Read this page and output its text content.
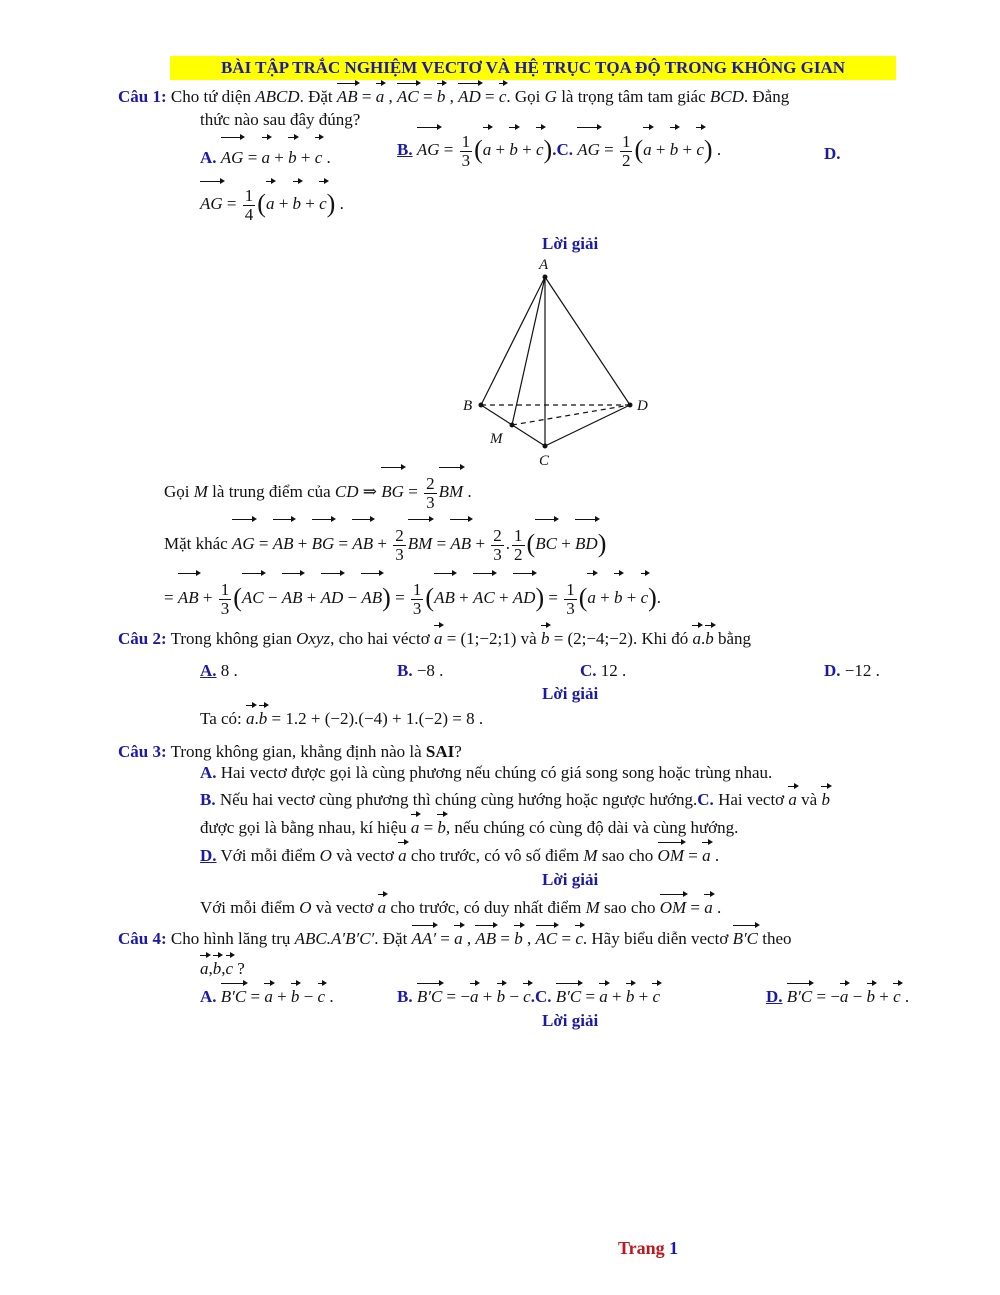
BÀI TẬP TRẮC NGHIỆM VECTƠ VÀ HỆ TRỤC TỌA ĐỘ TRONG KHÔNG GIAN
Câu 1: Cho tứ diện ABCD. Đặt AB = a , AC = b , AD = c. Gọi G là trọng tâm tam giác BCD. Đẳng
thức nào sau đây đúng?
A. AG = a + b + c .	B. AG = $\frac{1}{3} (a + b + c).C$. AG = $\frac{1}{2} (a + b + c)$ .	D.
AG = $\frac{1}{4} (a + b + c)$ .
Lời giải
A
B
C
D
M
Gọi M là trung điểm của CD ⇒ BG = $\frac{2}{3}$ BM .
Mặt khác AG = AB + BG = AB + $\frac{2}{3}$ BM = AB + $\frac{2}{3}$ . $\frac{1}{2} (BC + BD)$
= AB + $\frac{1}{3} (AC$ − AB + AD − $AB) = \frac{1}{3} (AB$ + AC + $AD) = \frac{1}{3} (a + b + c)$.
Câu 2: Trong không gian Oxyz, cho hai véctơ a = (1;−2;1) và b = (2;−4;−2). Khi đó a.b bằng
A. 8 .	B. −8 .	C. 12 .	D. −12 .
Lời giải
Ta có: a.b = 1.2 + (−2).(−4) + 1.(−2) = 8 .
Câu 3: Trong không gian, khẳng định nào là SAI?
A. Hai vectơ được gọi là cùng phương nếu chúng có giá song song hoặc trùng nhau.
B. Nếu hai vectơ cùng phương thì chúng cùng hướng hoặc ngược hướng.C. Hai vectơ a và b
được gọi là bằng nhau, kí hiệu a = b, nếu chúng có cùng độ dài và cùng hướng.
D. Với mỗi điểm O và vectơ a cho trước, có vô số điểm M sao cho OM = a .
Lời giải
Với mỗi điểm O và vectơ a cho trước, có duy nhất điểm M sao cho OM = a .
Câu 4: Cho hình lăng trụ ABC.A′B′C′. Đặt AA′ = a , AB = b , AC = c. Hãy biểu diễn vectơ B′C theo
a,b,c ?
A. B′C = a + b − c .	B. B′C = −a + b − c.C. B′C = a + b + c	D. B′C = −a − b + c .
Lời giải
Trang 1
